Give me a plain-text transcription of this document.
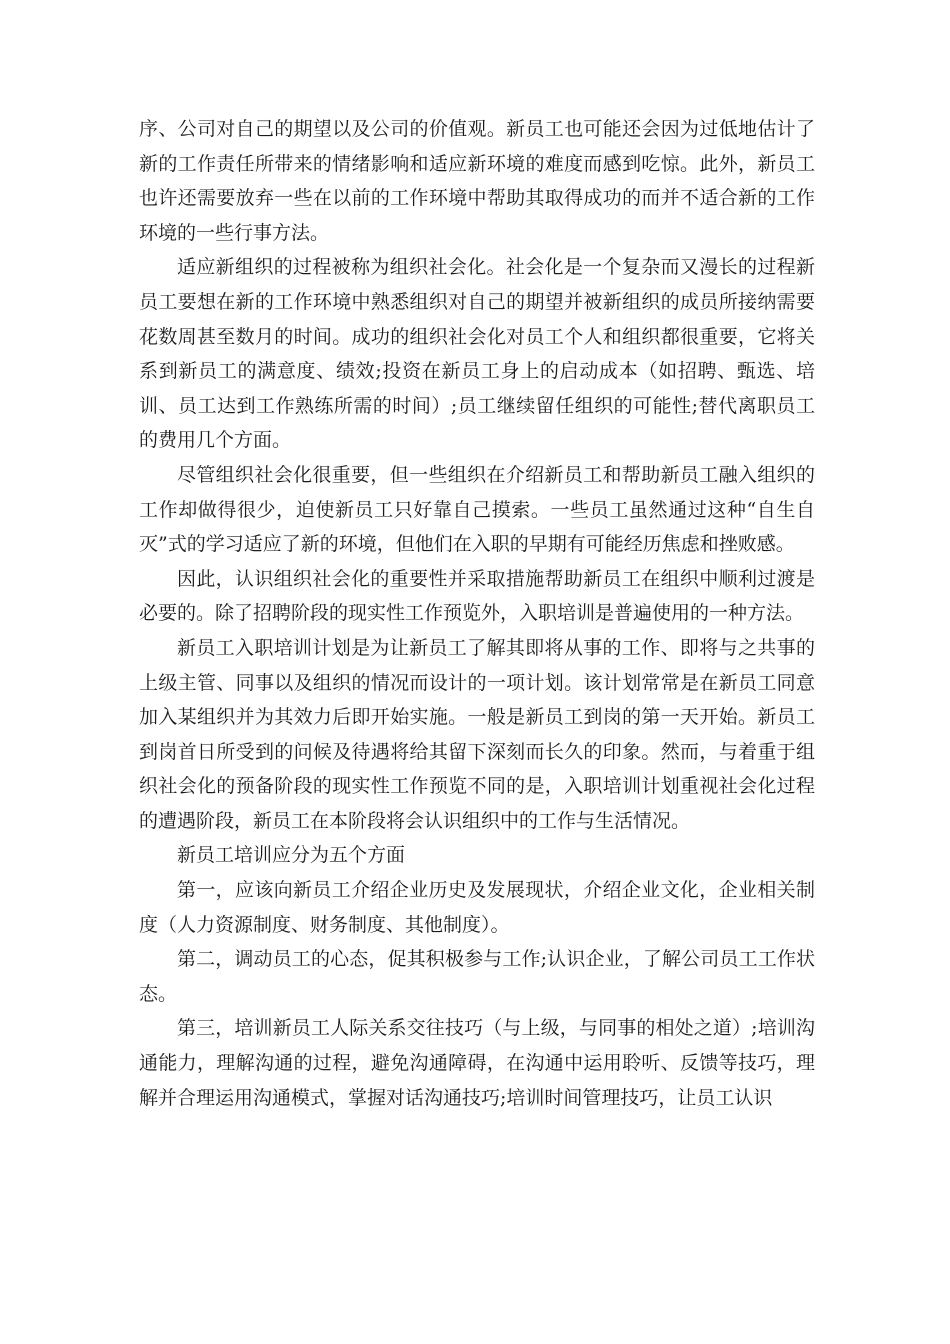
序、公司对自己的期望以及公司的价值观。新员工也可能还会因为过低地估计了新的工作责任所带来的情绪影响和适应新环境的难度而感到吃惊。此外，新员工也许还需要放弃一些在以前的工作环境中帮助其取得成功的而并不适合新的工作环境的一些行事方法。

适应新组织的过程被称为组织社会化。社会化是一个复杂而又漫长的过程新员工要想在新的工作环境中熟悉组织对自己的期望并被新组织的成员所接纳需要花数周甚至数月的时间。成功的组织社会化对员工个人和组织都很重要，它将关系到新员工的满意度、绩效;投资在新员工身上的启动成本（如招聘、甄选、培训、员工达到工作熟练所需的时间）;员工继续留任组织的可能性;替代离职员工的费用几个方面。

尽管组织社会化很重要，但一些组织在介绍新员工和帮助新员工融入组织的工作却做得很少，迫使新员工只好靠自己摸索。一些员工虽然通过这种“自生自灭”式的学习适应了新的环境，但他们在入职的早期有可能经历焦虑和挫败感。

因此，认识组织社会化的重要性并采取措施帮助新员工在组织中顺利过渡是必要的。除了招聘阶段的现实性工作预览外，入职培训是普遍使用的一种方法。

新员工入职培训计划是为让新员工了解其即将从事的工作、即将与之共事的上级主管、同事以及组织的情况而设计的一项计划。该计划常常是在新员工同意加入某组织并为其效力后即开始实施。一般是新员工到岗的第一天开始。新员工到岗首日所受到的问候及待遇将给其留下深刻而长久的印象。然而，与着重于组织社会化的预备阶段的现实性工作预览不同的是，入职培训计划重视社会化过程的遭遇阶段，新员工在本阶段将会认识组织中的工作与生活情况。

新员工培训应分为五个方面

第一，应该向新员工介绍企业历史及发展现状，介绍企业文化，企业相关制度（人力资源制度、财务制度、其他制度）。

第二，调动员工的心态，促其积极参与工作;认识企业，了解公司员工工作状态。

第三，培训新员工人际关系交往技巧（与上级，与同事的相处之道）;培训沟通能力，理解沟通的过程，避免沟通障碍，在沟通中运用聆听、反馈等技巧，理解并合理运用沟通模式，掌握对话沟通技巧;培训时间管理技巧，让员工认识
